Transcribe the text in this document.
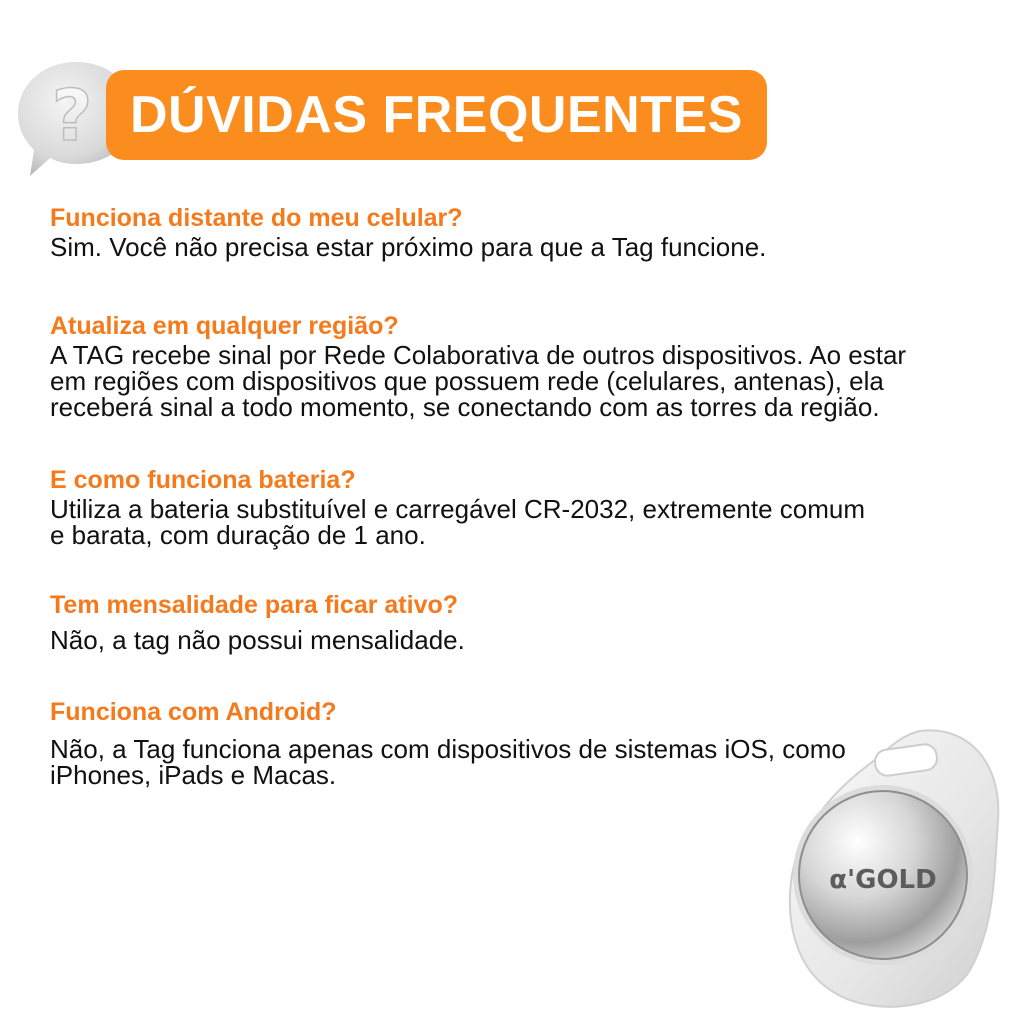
? DÚVIDAS FREQUENTES
Funciona distante do meu celular?
Sim. Você não precisa estar próximo para que a Tag funcione.
Atualiza em qualquer região?
A TAG recebe sinal por Rede Colaborativa de outros dispositivos. Ao estar
em regiões com dispositivos que possuem rede (celulares, antenas), ela
receberá sinal a todo momento, se conectando com as torres da região.
E como funciona bateria?
Utiliza a bateria substituível e carregável CR-2032, extremente comum
e barata, com duração de 1 ano.
Tem mensalidade para ficar ativo?
Não, a tag não possui mensalidade.
Funciona com Android?
Não, a Tag funciona apenas com dispositivos de sistemas iOS, como
iPhones, iPads e Macas.
α'GOLD
